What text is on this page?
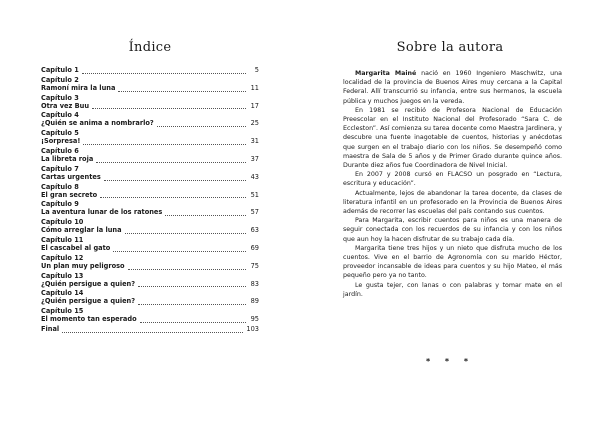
Índice
Capítulo 1	5
Capítulo 2
Ramoní mira la luna	11
Capítulo 3
Otra vez Buu	17
Capítulo 4
¿Quién se anima a nombrarlo?	25
Capítulo 5
¡Sorpresa!	31
Capítulo 6
La libreta roja	37
Capítulo 7
Cartas urgentes	43
Capítulo 8
El gran secreto	51
Capítulo 9
La aventura lunar de los ratones	57
Capítulo 10
Cómo arreglar la luna	63
Capítulo 11
El cascabel al gato	69
Capítulo 12
Un plan muy peligroso	75
Capítulo 13
¿Quién persigue a quien?	83
Capítulo 14
¿Quién persigue a quien?	89
Capítulo 15
El momento tan esperado	95
Final	103
Sobre la autora

Margarita Mainé nació en 1960 Ingeniero Maschwitz, una localidad de la provincia de Buenos Aires muy cercana a la Capital Federal. Allí transcurrió su infancia, entre sus hermanos, la escuela pública y muchos juegos en la vereda.

En 1981 se recibió de Profesora Nacional de Educación Preescolar en el Instituto Nacional del Profesorado “Sara C. de Eccleston”. Así comienza su tarea docente como Maestra Jardinera, y descubre una fuente inagotable de cuentos, historias y anécdotas que surgen en el trabajo diario con los niños. Se desempeñó como maestra de Sala de 5 años y de Primer Grado durante quince años. Durante diez años fue Coordinadora de Nivel Inicial.

En 2007 y 2008 cursó en FLACSO un posgrado en “Lectura, escritura y educación”.

Actualmente, lejos de abandonar la tarea docente, da clases de literatura infantil en un profesorado en la Provincia de Buenos Aires además de recorrer las escuelas del país contando sus cuentos.

Para Margarita, escribir cuentos para niños es una manera de seguir conectada con los recuerdos de su infancia y con los niños que aun hoy la hacen disfrutar de su trabajo cada día.

Margarita tiene tres hijos y un nieto que disfruta mucho de los cuentos. Vive en el barrio de Agronomía con su marido Héctor, proveedor incansable de ideas para cuentos y su hijo Mateo, el más pequeño pero ya no tanto.

Le gusta tejer, con lanas o con palabras y tomar mate en el jardín.

* * *
